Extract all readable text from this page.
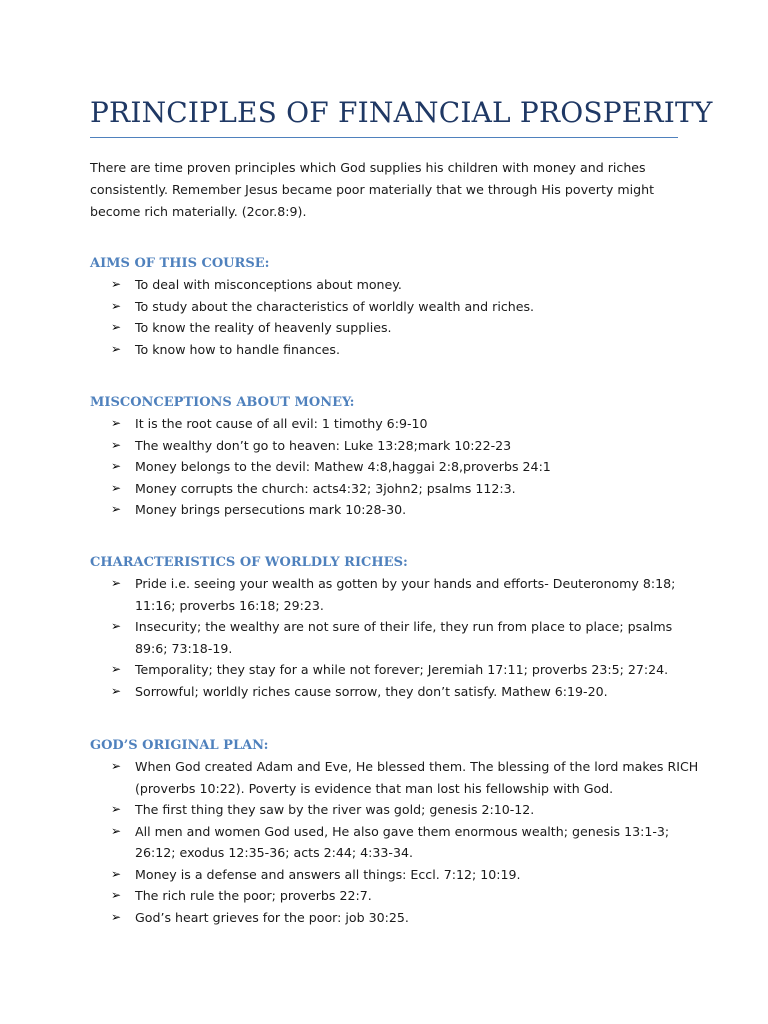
PRINCIPLES OF FINANCIAL PROSPERITY
There are time proven principles which God supplies his children with money and riches
consistently. Remember Jesus became poor materially that we through His poverty might
become rich materially. (2cor.8:9).
AIMS OF THIS COURSE:
➢ To deal with misconceptions about money.
➢ To study about the characteristics of worldly wealth and riches.
➢ To know the reality of heavenly supplies.
➢ To know how to handle finances.
MISCONCEPTIONS ABOUT MONEY:
➢ It is the root cause of all evil: 1 timothy 6:9-10
➢ The wealthy don’t go to heaven: Luke 13:28;mark 10:22-23
➢ Money belongs to the devil: Mathew 4:8,haggai 2:8,proverbs 24:1
➢ Money corrupts the church: acts4:32; 3john2; psalms 112:3.
➢ Money brings persecutions mark 10:28-30.
CHARACTERISTICS OF WORLDLY RICHES:
➢ Pride i.e. seeing your wealth as gotten by your hands and efforts- Deuteronomy 8:18;
11:16; proverbs 16:18; 29:23.
➢ Insecurity; the wealthy are not sure of their life, they run from place to place; psalms
89:6; 73:18-19.
➢ Temporality; they stay for a while not forever; Jeremiah 17:11; proverbs 23:5; 27:24.
➢ Sorrowful; worldly riches cause sorrow, they don’t satisfy. Mathew 6:19-20.
GOD’S ORIGINAL PLAN:
➢ When God created Adam and Eve, He blessed them. The blessing of the lord makes RICH
(proverbs 10:22). Poverty is evidence that man lost his fellowship with God.
➢ The first thing they saw by the river was gold; genesis 2:10-12.
➢ All men and women God used, He also gave them enormous wealth; genesis 13:1-3;
26:12; exodus 12:35-36; acts 2:44; 4:33-34.
➢ Money is a defense and answers all things: Eccl. 7:12; 10:19.
➢ The rich rule the poor; proverbs 22:7.
➢ God’s heart grieves for the poor: job 30:25.
